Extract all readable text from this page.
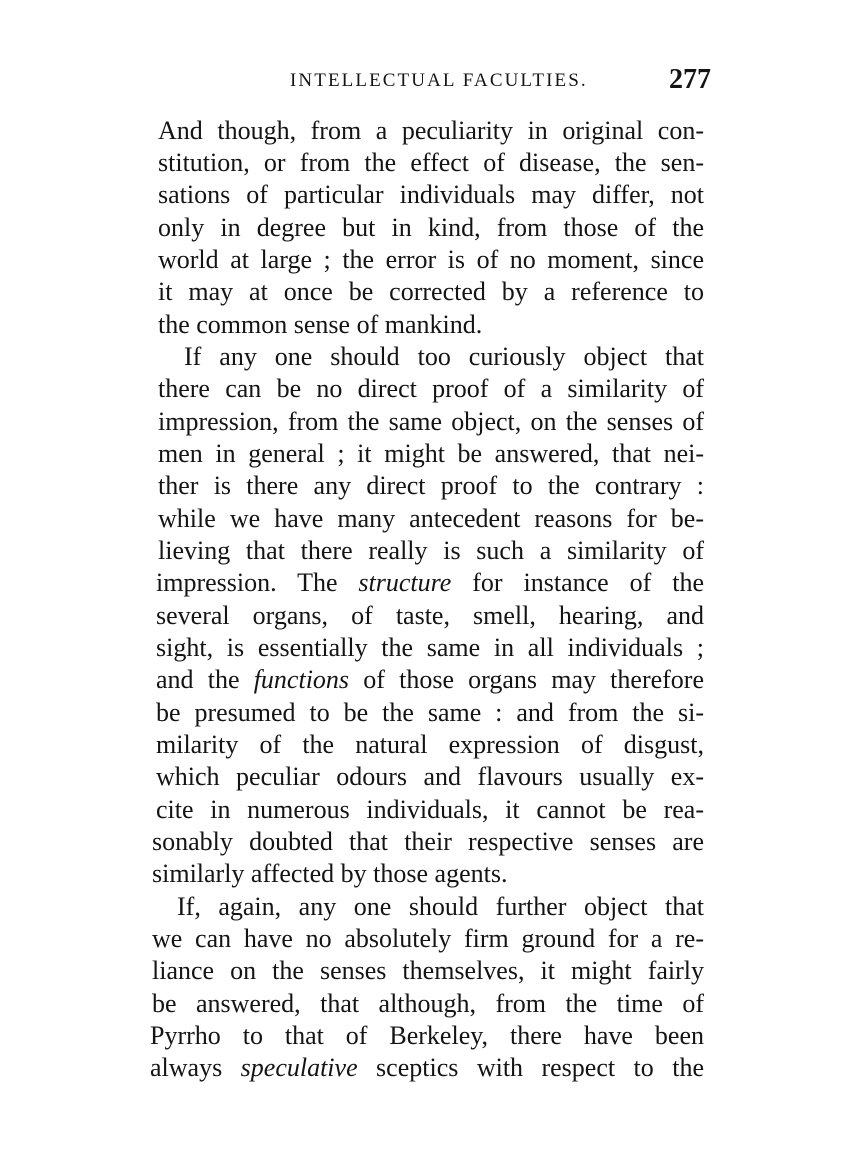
INTELLECTUAL FACULTIES.	277
And though, from a peculiarity in original con-
stitution, or from the effect of disease, the sen-
sations of particular individuals may differ, not
only in degree but in kind, from those of the
world at large ; the error is of no moment, since
it may at once be corrected by a reference to
the common sense of mankind.
If any one should too curiously object that
there can be no direct proof of a similarity of
impression, from the same object, on the senses of
men in general ; it might be answered, that nei-
ther is there any direct proof to the contrary :
while we have many antecedent reasons for be-
lieving that there really is such a similarity of
impression. The structure for instance of the
several organs, of taste, smell, hearing, and
sight, is essentially the same in all individuals ;
and the functions of those organs may therefore
be presumed to be the same : and from the si-
milarity of the natural expression of disgust,
which peculiar odours and flavours usually ex-
cite in numerous individuals, it cannot be rea-
sonably doubted that their respective senses are
similarly affected by those agents.
If, again, any one should further object that
we can have no absolutely firm ground for a re-
liance on the senses themselves, it might fairly
be answered, that although, from the time of
Pyrrho to that of Berkeley, there have been
always speculative sceptics with respect to the
